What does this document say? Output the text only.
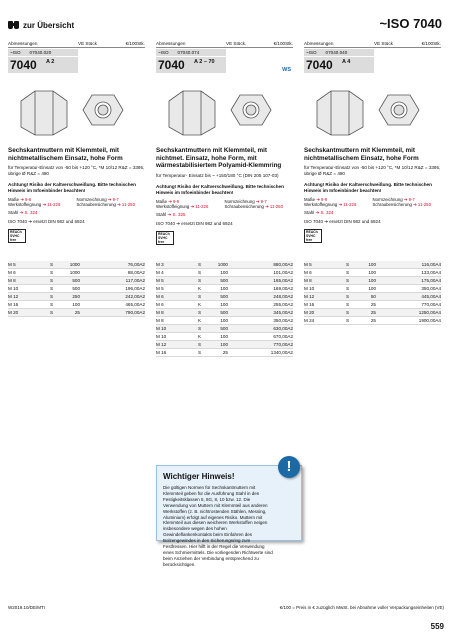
zur Übersicht	~ISO 7040
Abmessungen	VE Stück	€/100Stk.
~ISO 07040.020
7040 A 2
Sechskantmuttern mit Klemmteil, mit nichtmetallischem Einsatz, hohe Form
für Temperatur-Einsatz von -50 bis +120 °C, *M 10/12 R&Z = 3395, übrige Ø R&Z = 480
Achtung! Risiko der Kaltverschweißung. Bitte technischen Hinweis im Infoeinbinder beachten!
Maße ➔ 9-6	Normzeichnung ➔ 9-7
Werkstoffeignung ➔ 11-226	Schraubensicherung ➔ 11-250
Stahl ➔ S. 324
ISO 7040 ➔ ersetzt DIN 982 und 6924
REACh
SVHC
free
Abmessungen	VE Stück.	€/100Stk.
~ISO 07040.074
7040 A 2 – 70
WS
Sechskantmuttern mit Klemmteil, mit nichtmet. Einsatz, hohe Form, mit wärmestabilisiertem Polyamid-Klemmring
für Temperatur- Einsatz bis ~ +150/180 °C (DIN 205 107-03)
Achtung! Risiko der Kaltverschweißung. Bitte technischen Hinweis im Infoeinbinder beachten!
Maße ➔ 9-9	Normzeichnung ➔ 9-7
Werkstoffeignung ➔ 11-226	Schraubensicherung ➔ 11-250
Stahl ➔ S. 325
ISO 7040 ➔ ersetzt DIN 982 und 6924
REACh
SVHC
free
Abmessungen	VE Stück	€/100Stk.
~ISO 07040.040
7040 A 4
Sechskantmuttern mit Klemmteil, mit nichtmetallischem Einsatz, hohe Form
für Temperatur-Einsatz von -50 bis +120 °C, *M 10/12 R&Z = 3395, übrige Ø R&Z = 480
Achtung! Risiko der Kaltverschweißung. Bitte technischen Hinweis im Infoeinbinder beachten!
Maße ➔ 9-9	Normzeichnung ➔ 9-7
Werkstoffeignung ➔ 11-226	Schraubensicherung ➔ 11-250
Stahl ➔ S. 324
ISO 7040 ➔ ersetzt DIN 982 und 6924
REACh
SVHC
free
M 5	S	1000	76,00A2
M 6	S	1000	88,00A2
M 8	S	500	117,00A2
M 10	S	500	196,00A2
M 12	S	250	242,00A2
M 16	S	100	465,00A2
M 20	S	25	790,00A2
M 3	S	1000	880,00A2
M 4	S	100	101,00A2
M 5	S	500	165,00A2
M 5	K	100	169,00A2
M 6	S	500	248,00A2
M 6	K	100	255,00A2
M 8	S	500	345,00A2
M 8	K	100	350,00A2
M 10	S	500	630,00A2
M 10	K	100	670,00A2
M 12	S	100	770,00A2
M 16	S	25	1340,00A2
M 5	S	100	116,00A4
M 6	S	100	133,00A4
M 8	S	100	175,00A4
M 10	S	100	350,00A4
M 12	S	50	445,00A4
M 16	S	25	770,00A4
M 20	S	25	1250,00A4
M 24	S	25	1900,00A4
Wichtiger Hinweis!
Die gültigen Normen für Sechskantmuttern mit Klemmteil geben für die Ausführung Stahl in den Festigkeitsklassen 5, 8G, 8, 10 bzw. 12. Die Verwendung von Muttern mit Klemmteil aus anderen Werkstoffen (z. B. nichtrostenden Stählen, Messing, Aluminium) erfolgt auf eigenes Risiko. Muttern mit Klemmteil aus diesen weicheren Werkstoffen neigen insbesondere wegen des hohen Gewindeflankenkontakts beim Einfahren des Bolzengewindes in den Sicherungsring zum Festfressen. Hier hilft in der Regel die Verwendung eines Schmiermittels. Die vorliegenden Richtwerte sind beim Anziehen der Verbindung entsprechend zu berücksichtigen.
!
W2019.10/DE/MTI	€/100 = Preis in € zuzüglich MwSt. bei Abnahme voller Verpackungseinheiten (VE)
559
